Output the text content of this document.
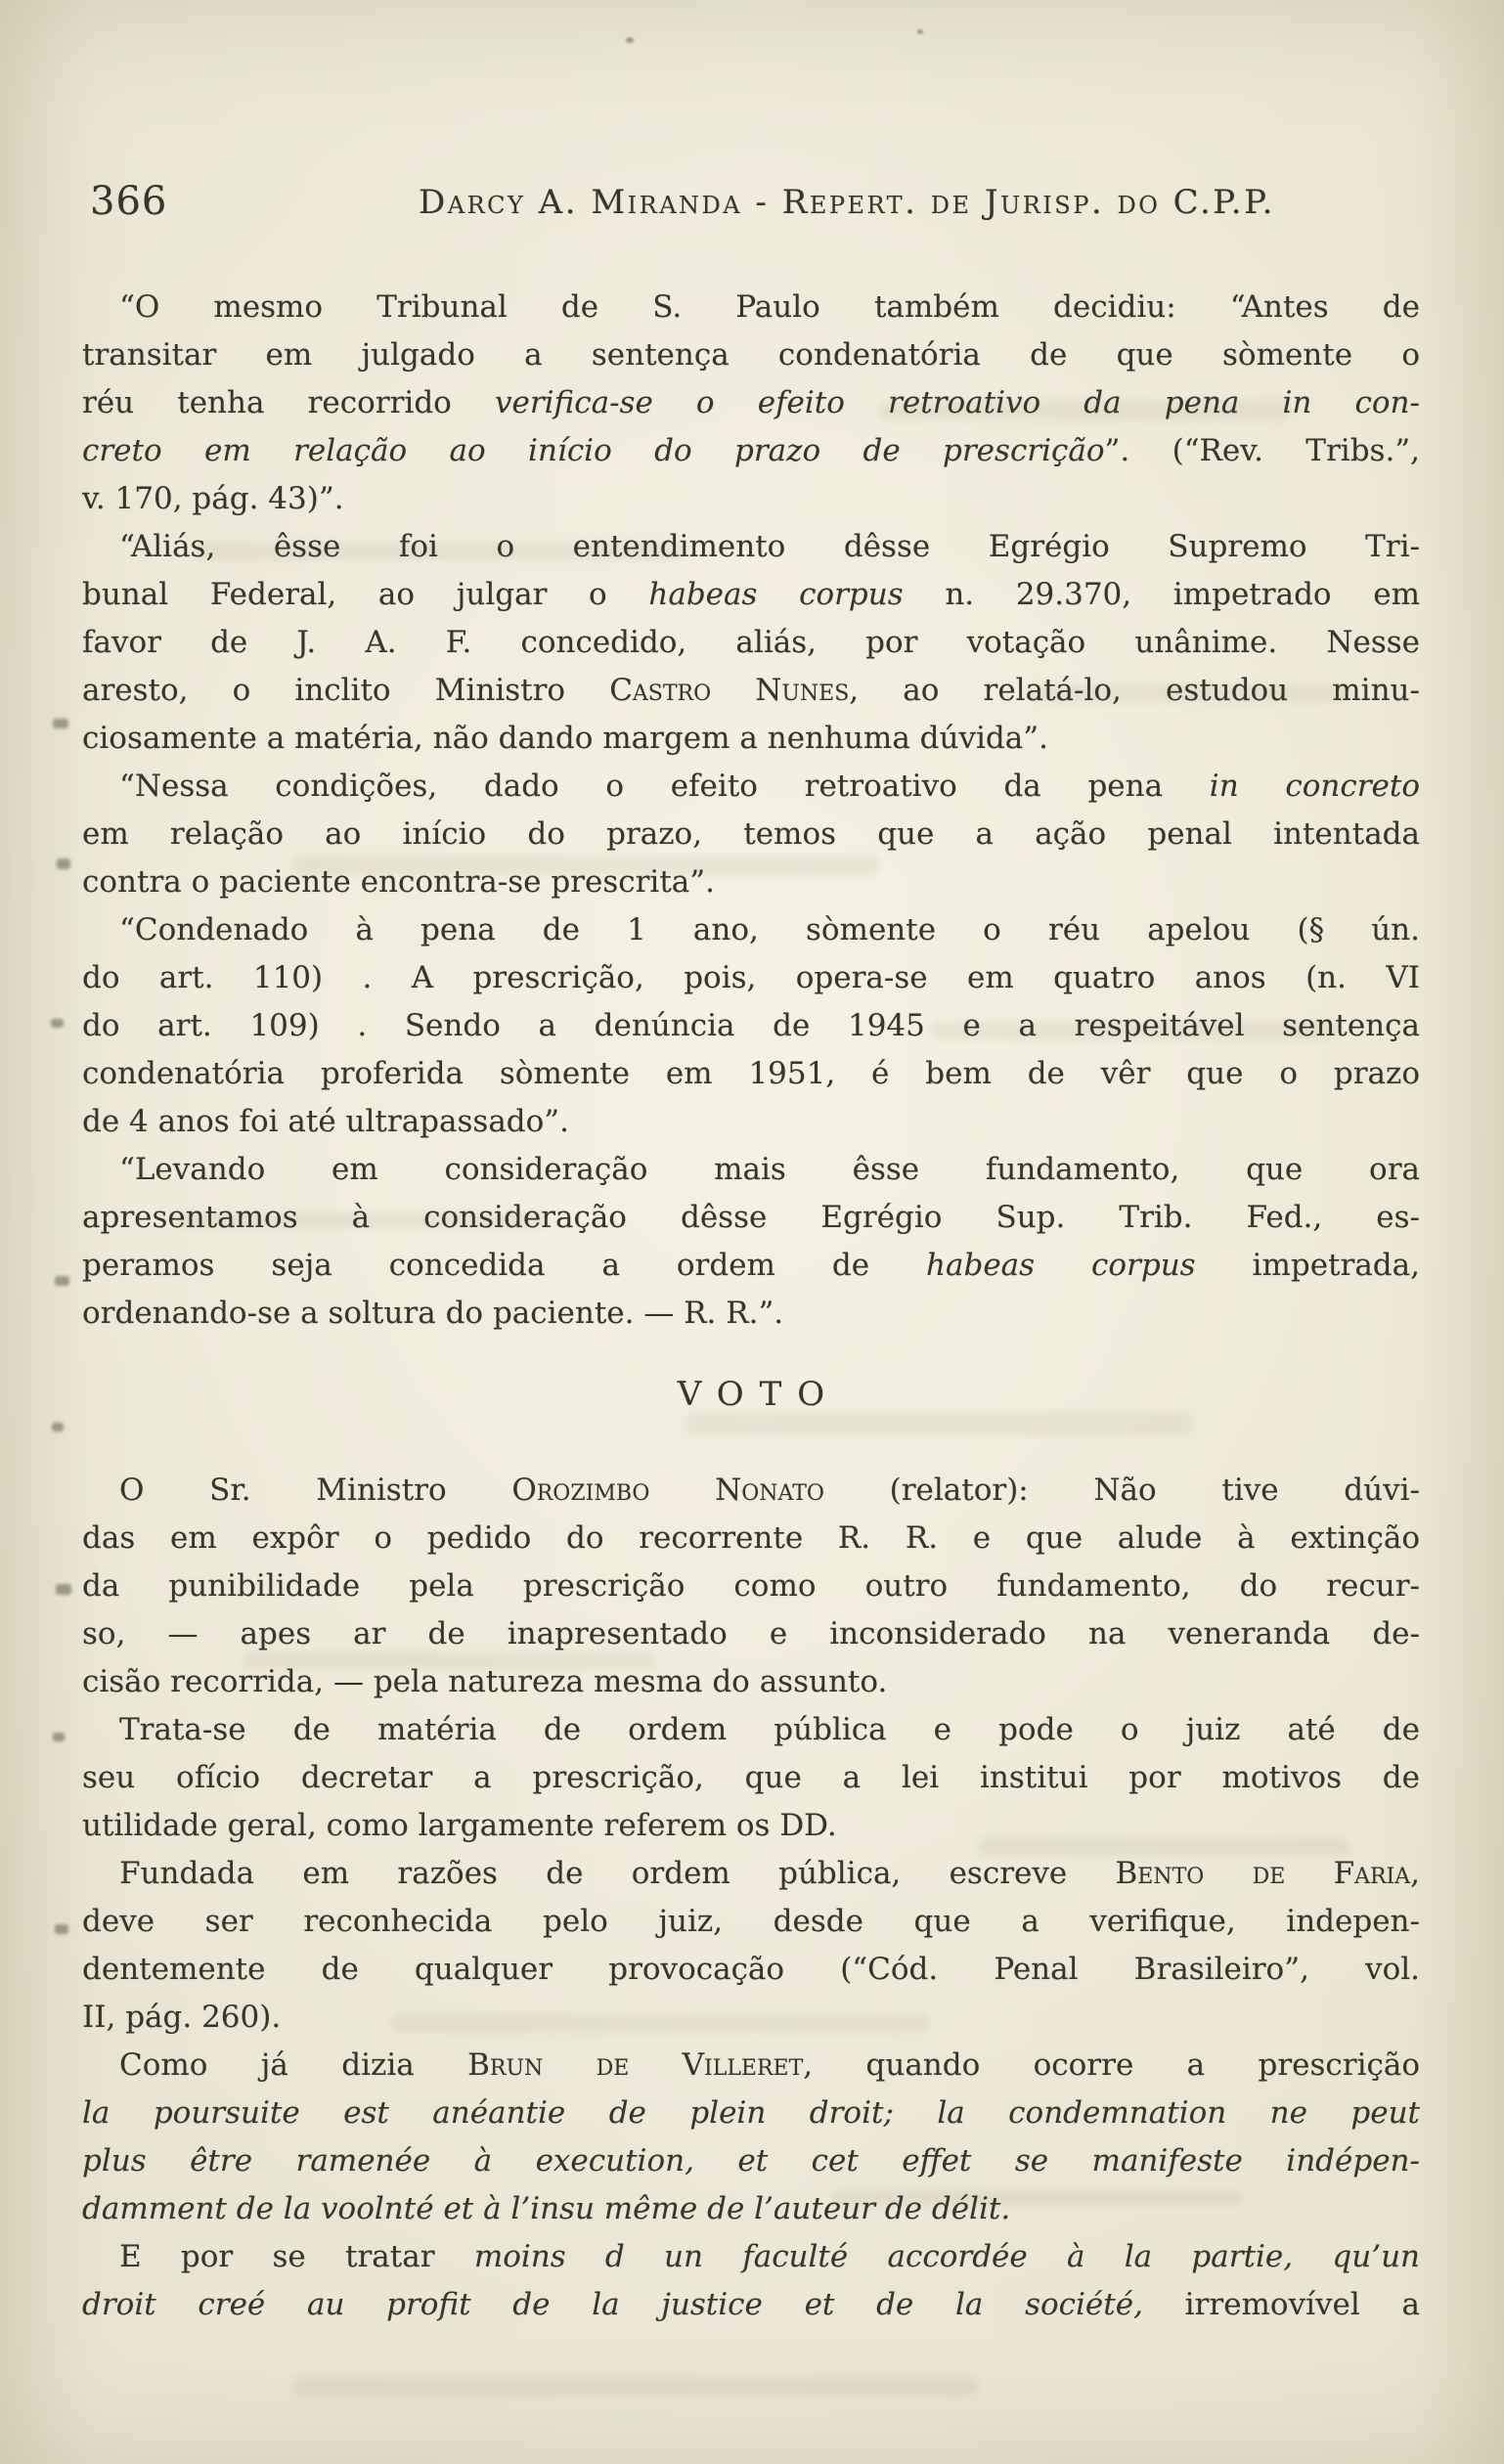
366	Darcy A. Miranda - Repert. de Jurisp. do C.P.P.
“O mesmo Tribunal de S. Paulo também decidiu: “Antes de
transitar em julgado a sentença condenatória de que sòmente o
réu tenha recorrido verifica-se o efeito retroativo da pena in con-
creto em relação ao início do prazo de prescrição”. (“Rev. Tribs.”,
v. 170, pág. 43)”.
“Aliás, êsse foi o entendimento dêsse Egrégio Supremo Tri-
bunal Federal, ao julgar o habeas corpus n. 29.370, impetrado em
favor de J. A. F. concedido, aliás, por votação unânime. Nesse
aresto, o inclito Ministro Castro Nunes, ao relatá-lo, estudou minu-
ciosamente a matéria, não dando margem a nenhuma dúvida”.
“Nessa condições, dado o efeito retroativo da pena in concreto
em relação ao início do prazo, temos que a ação penal intentada
contra o paciente encontra-se prescrita”.
“Condenado à pena de 1 ano, sòmente o réu apelou (§ ún.
do art. 110) . A prescrição, pois, opera-se em quatro anos (n. VI
do art. 109) . Sendo a denúncia de 1945 e a respeitável sentença
condenatória proferida sòmente em 1951, é bem de vêr que o prazo
de 4 anos foi até ultrapassado”.
“Levando em consideração mais êsse fundamento, que ora
apresentamos à consideração dêsse Egrégio Sup. Trib. Fed., es-
peramos seja concedida a ordem de habeas corpus impetrada,
ordenando-se a soltura do paciente. — R. R.”.
VOTO
O Sr. Ministro Orozimbo Nonato (relator): Não tive dúvi-
das em expôr o pedido do recorrente R. R. e que alude à extinção
da punibilidade pela prescrição como outro fundamento, do recur-
so, — apes ar de inapresentado e inconsiderado na veneranda de-
cisão recorrida, — pela natureza mesma do assunto.
Trata-se de matéria de ordem pública e pode o juiz até de
seu ofício decretar a prescrição, que a lei institui por motivos de
utilidade geral, como largamente referem os DD.
Fundada em razões de ordem pública, escreve Bento de Faria,
deve ser reconhecida pelo juiz, desde que a verifique, indepen-
dentemente de qualquer provocação (“Cód. Penal Brasileiro”, vol.
II, pág. 260).
Como já dizia Brun de Villeret, quando ocorre a prescrição
la poursuite est anéantie de plein droit; la condemnation ne peut
plus être ramenée à execution, et cet effet se manifeste indépen-
damment de la voolnté et à l’insu même de l’auteur de délit.
E por se tratar moins d un faculté accordée à la partie, qu’un
droit creé au profit de la justice et de la société, irremovível a
